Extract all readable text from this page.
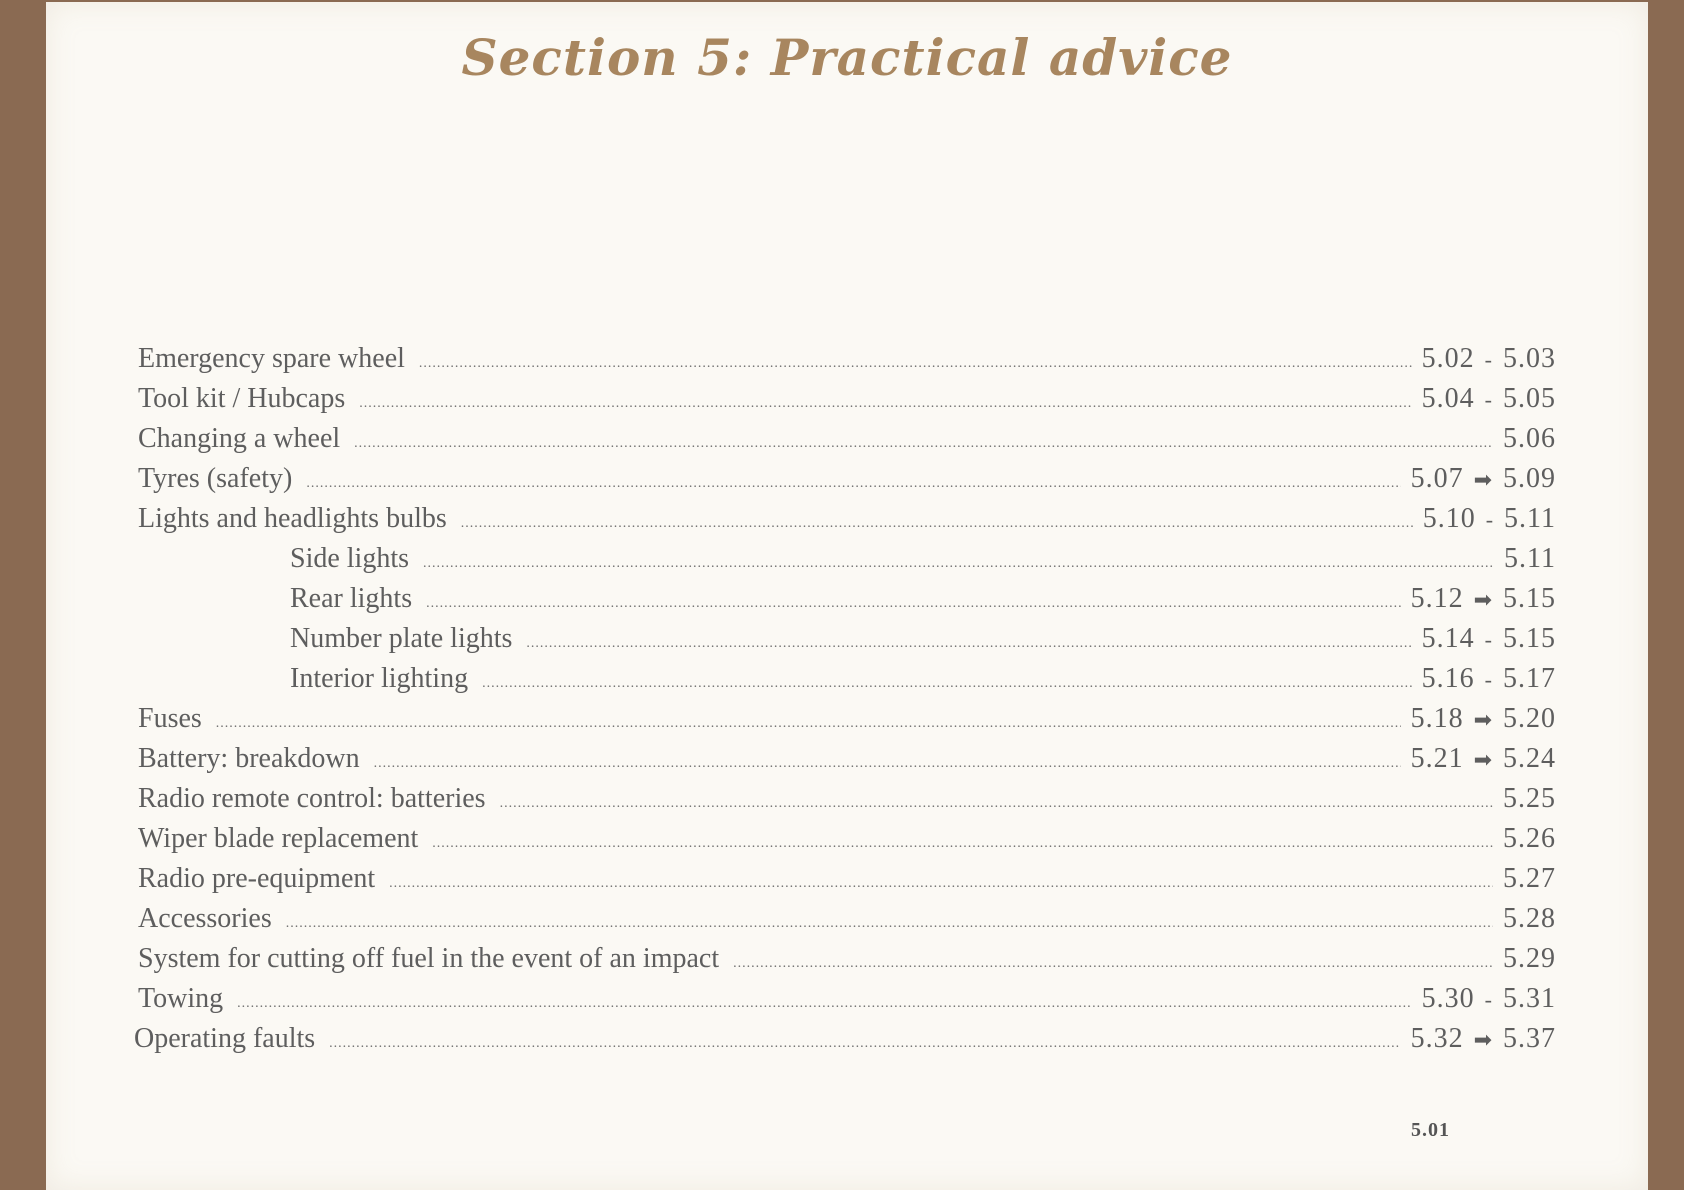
Section 5: Practical advice
Emergency spare wheel .....	5.02 - 5.03
Tool kit / Hubcaps .....	5.04 - 5.05
Changing a wheel .....	5.06
Tyres (safety) .....	5.07 ➡ 5.09
Lights and headlights bulbs .....	5.10 - 5.11
Side lights .....	5.11
Rear lights .....	5.12 ➡ 5.15
Number plate lights .....	5.14 - 5.15
Interior lighting .....	5.16 - 5.17
Fuses .....	5.18 ➡ 5.20
Battery: breakdown .....	5.21 ➡ 5.24
Radio remote control: batteries .....	5.25
Wiper blade replacement .....	5.26
Radio pre-equipment .....	5.27
Accessories .....	5.28
System for cutting off fuel in the event of an impact .....	5.29
Towing .....	5.30 - 5.31
Operating faults .....	5.32 ➡ 5.37
5.01
